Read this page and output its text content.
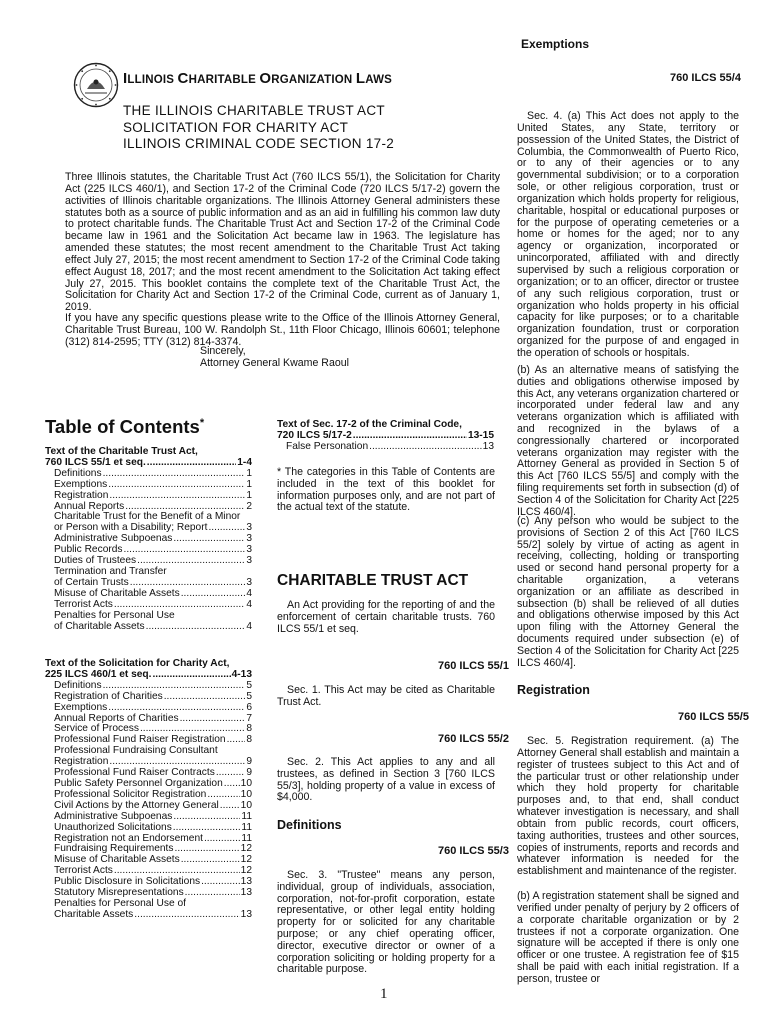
Exemptions
ILLINOIS CHARITABLE ORGANIZATION LAWS	760 ILCS 55/4
THE ILLINOIS CHARITABLE TRUST ACT
SOLICITATION FOR CHARITY ACT
ILLINOIS CRIMINAL CODE SECTION 17-2

Three Illinois statutes, the Charitable Trust Act (760 ILCS 55/1), the Solicitation for Charity Act (225 ILCS 460/1), and Section 17-2 of the Criminal Code (720 ILCS 5/17-2) govern the activities of Illinois charitable organizations. The Illinois Attorney General administers these statutes both as a source of public information and as an aid in fulfilling his common law duty to protect charitable funds. The Charitable Trust Act and Section 17-2 of the Criminal Code became law in 1961 and the Solicitation Act became law in 1963. The legislature has amended these statutes; the most recent amendment to the Charitable Trust Act taking effect July 27, 2015; the most recent amendment to Section 17-2 of the Criminal Code taking effect August 18, 2017; and the most recent amendment to the Solicitation Act taking effect July 27, 2015. This booklet contains the complete text of the Charitable Trust Act, the Solicitation for Charity Act and Section 17-2 of the Criminal Code, current as of January 1, 2019.

If you have any specific questions please write to the Office of the Illinois Attorney General, Charitable Trust Bureau, 100 W. Randolph St., 11th Floor Chicago, Illinois 60601; telephone (312) 814-2595; TTY (312) 814-3374.

Sincerely,
Attorney General Kwame Raoul
Table of Contents*
Text of the Charitable Trust Act,
760 ILCS 55/1 et seq. .....	1-4
Definitions .....	1
Exemptions .....	1
Registration .....	1
Annual Reports .....	2
Charitable Trust for the Benefit of a Minor
or Person with a Disability; Report .....	3
Administrative Subpoenas .....	3
Public Records .....	3
Duties of Trustees .....	3
Termination and Transfer
of Certain Trusts .....	3
Misuse of Charitable Assets .....	4
Terrorist Acts .....	4
Penalties for Personal Use
of Charitable Assets .....	4
Text of the Solicitation for Charity Act,
225 ILCS 460/1 et seq. .....	4-13
Definitions .....	5
Registration of Charities .....	5
Exemptions .....	6
Annual Reports of Charities .....	7
Service of Process .....	8
Professional Fund Raiser Registration ..... 8
Professional Fundraising Consultant
Registration .....	9
Professional Fund Raiser Contracts .....	9
Public Safety Personnel Organization ..... 10
Professional Solicitor Registration .....	10
Civil Actions by the Attorney General ..... 10
Administrative Subpoenas .....	11
Unauthorized Solicitations .....	11
Registration not an Endorsement .....	11
Fundraising Requirements .....	12
Misuse of Charitable Assets .....	12
Terrorist Acts .....	12
Public Disclosure in Solicitations .....	13
Statutory Misrepresentations .....	13
Penalties for Personal Use of
Charitable Assets .....	13
Text of Sec. 17-2 of the Criminal Code,
720 ILCS 5/17-2 .....	13-15
False Personation .....	13

* The categories in this Table of Contents are included in the text of this booklet for information purposes only, and are not part of the actual text of the statute.

CHARITABLE TRUST ACT

An Act providing for the reporting of and the enforcement of certain charitable trusts. 760 ILCS 55/1 et seq.

760 ILCS 55/1

Sec. 1. This Act may be cited as Charitable Trust Act.

760 ILCS 55/2

Sec. 2. This Act applies to any and all trustees, as defined in Section 3 [760 ILCS 55/3], holding property of a value in excess of $4,000.

Definitions
760 ILCS 55/3

Sec. 3. "Trustee" means any person, individual, group of individuals, association, corporation, not-for-profit corporation, estate representative, or other legal entity holding property for or solicited for any charitable purpose; or any chief operating officer, director, executive director or owner of a corporation soliciting or holding property for a charitable purpose.

Sec. 4. (a) This Act does not apply to the United States, any State, territory or possession of the United States, the District of Columbia, the Commonwealth of Puerto Rico, or to any of their agencies or to any governmental subdivision; or to a corporation sole, or other religious corporation, trust or organization which holds property for religious, charitable, hospital or educational purposes or for the purpose of operating cemeteries or a home or homes for the aged; nor to any agency or organization, incorporated or unincorporated, affiliated with and directly supervised by such a religious corporation or organization; or to an officer, director or trustee of any such religious corporation, trust or organization who holds property in his official capacity for like purposes; or to a charitable organization foundation, trust or corporation organized for the purpose of and engaged in the operation of schools or hospitals.

(b) As an alternative means of satisfying the duties and obligations otherwise imposed by this Act, any veterans organization chartered or incorporated under federal law and any veterans organization which is affiliated with and recognized in the bylaws of a congressionally chartered or incorporated veterans organization may register with the Attorney General as provided in Section 5 of this Act [760 ILCS 55/5] and comply with the filing requirements set forth in subsection (d) of Section 4 of the Solicitation for Charity Act [225 ILCS 460/4].

(c) Any person who would be subject to the provisions of Section 2 of this Act [760 ILCS 55/2] solely by virtue of acting as agent in receiving, collecting, holding or transporting used or second hand personal property for a charitable organization, a veterans organization or an affiliate as described in subsection (b) shall be relieved of all duties and obligations otherwise imposed by this Act upon filing with the Attorney General the documents required under subsection (e) of Section 4 of the Solicitation for Charity Act [225 ILCS 460/4].

Registration
760 ILCS 55/5

Sec. 5. Registration requirement. (a) The Attorney General shall establish and maintain a register of trustees subject to this Act and of the particular trust or other relationship under which they hold property for charitable purposes and, to that end, shall conduct whatever investigation is necessary, and shall obtain from public records, court officers, taxing authorities, trustees and other sources, copies of instruments, reports and records and whatever information is needed for the establishment and maintenance of the register.

(b) A registration statement shall be signed and verified under penalty of perjury by 2 officers of a corporate charitable organization or by 2 trustees if not a corporate organization. One signature will be accepted if there is only one officer or one trustee. A registration fee of $15 shall be paid with each initial registration. If a person, trustee or

1
